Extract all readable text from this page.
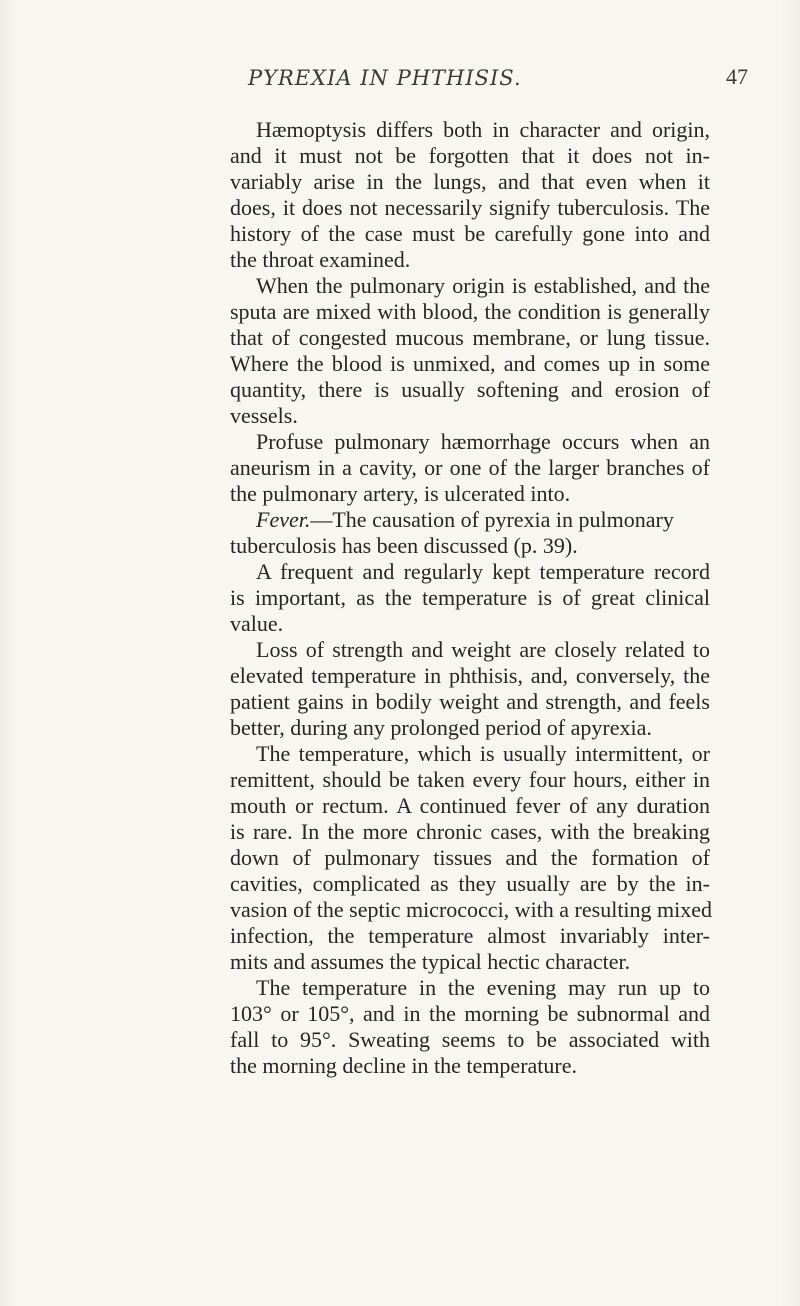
PYREXIA IN PHTHISIS.	47
Hæmoptysis differs both in character and origin,
and it must not be forgotten that it does not in-
variably arise in the lungs, and that even when it
does, it does not necessarily signify tuberculosis. The
history of the case must be carefully gone into and
the throat examined.
When the pulmonary origin is established, and the
sputa are mixed with blood, the condition is generally
that of congested mucous membrane, or lung tissue.
Where the blood is unmixed, and comes up in some
quantity, there is usually softening and erosion of
vessels.
Profuse pulmonary hæmorrhage occurs when an
aneurism in a cavity, or one of the larger branches of
the pulmonary artery, is ulcerated into.
Fever.—The causation of pyrexia in pulmonary
tuberculosis has been discussed (p. 39).
A frequent and regularly kept temperature record
is important, as the temperature is of great clinical
value.
Loss of strength and weight are closely related to
elevated temperature in phthisis, and, conversely, the
patient gains in bodily weight and strength, and feels
better, during any prolonged period of apyrexia.
The temperature, which is usually intermittent, or
remittent, should be taken every four hours, either in
mouth or rectum. A continued fever of any duration
is rare. In the more chronic cases, with the breaking
down of pulmonary tissues and the formation of
cavities, complicated as they usually are by the in-
vasion of the septic micrococci, with a resulting mixed
infection, the temperature almost invariably inter-
mits and assumes the typical hectic character.
The temperature in the evening may run up to
103° or 105°, and in the morning be subnormal and
fall to 95°. Sweating seems to be associated with
the morning decline in the temperature.
